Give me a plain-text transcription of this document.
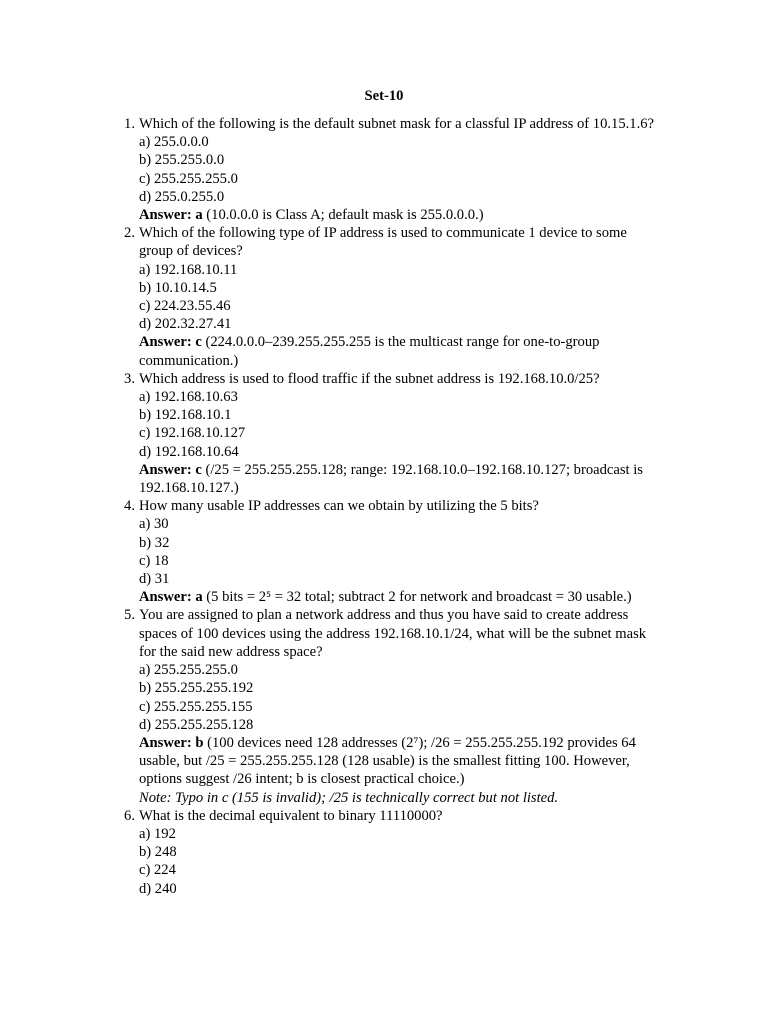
Set-10
1. Which of the following is the default subnet mask for a classful IP address of 10.15.1.6?
a) 255.0.0.0
b) 255.255.0.0
c) 255.255.255.0
d) 255.0.255.0
Answer: a (10.0.0.0 is Class A; default mask is 255.0.0.0.)
2. Which of the following type of IP address is used to communicate 1 device to some group of devices?
a) 192.168.10.11
b) 10.10.14.5
c) 224.23.55.46
d) 202.32.27.41
Answer: c (224.0.0.0–239.255.255.255 is the multicast range for one-to-group communication.)
3. Which address is used to flood traffic if the subnet address is 192.168.10.0/25?
a) 192.168.10.63
b) 192.168.10.1
c) 192.168.10.127
d) 192.168.10.64
Answer: c (/25 = 255.255.255.128; range: 192.168.10.0–192.168.10.127; broadcast is 192.168.10.127.)
4. How many usable IP addresses can we obtain by utilizing the 5 bits?
a) 30
b) 32
c) 18
d) 31
Answer: a (5 bits = 2⁵ = 32 total; subtract 2 for network and broadcast = 30 usable.)
5. You are assigned to plan a network address and thus you have said to create address spaces of 100 devices using the address 192.168.10.1/24, what will be the subnet mask for the said new address space?
a) 255.255.255.0
b) 255.255.255.192
c) 255.255.255.155
d) 255.255.255.128
Answer: b (100 devices need 128 addresses (2⁷); /26 = 255.255.255.192 provides 64 usable, but /25 = 255.255.255.128 (128 usable) is the smallest fitting 100. However, options suggest /26 intent; b is closest practical choice.)
Note: Typo in c (155 is invalid); /25 is technically correct but not listed.
6. What is the decimal equivalent to binary 11110000?
a) 192
b) 248
c) 224
d) 240
